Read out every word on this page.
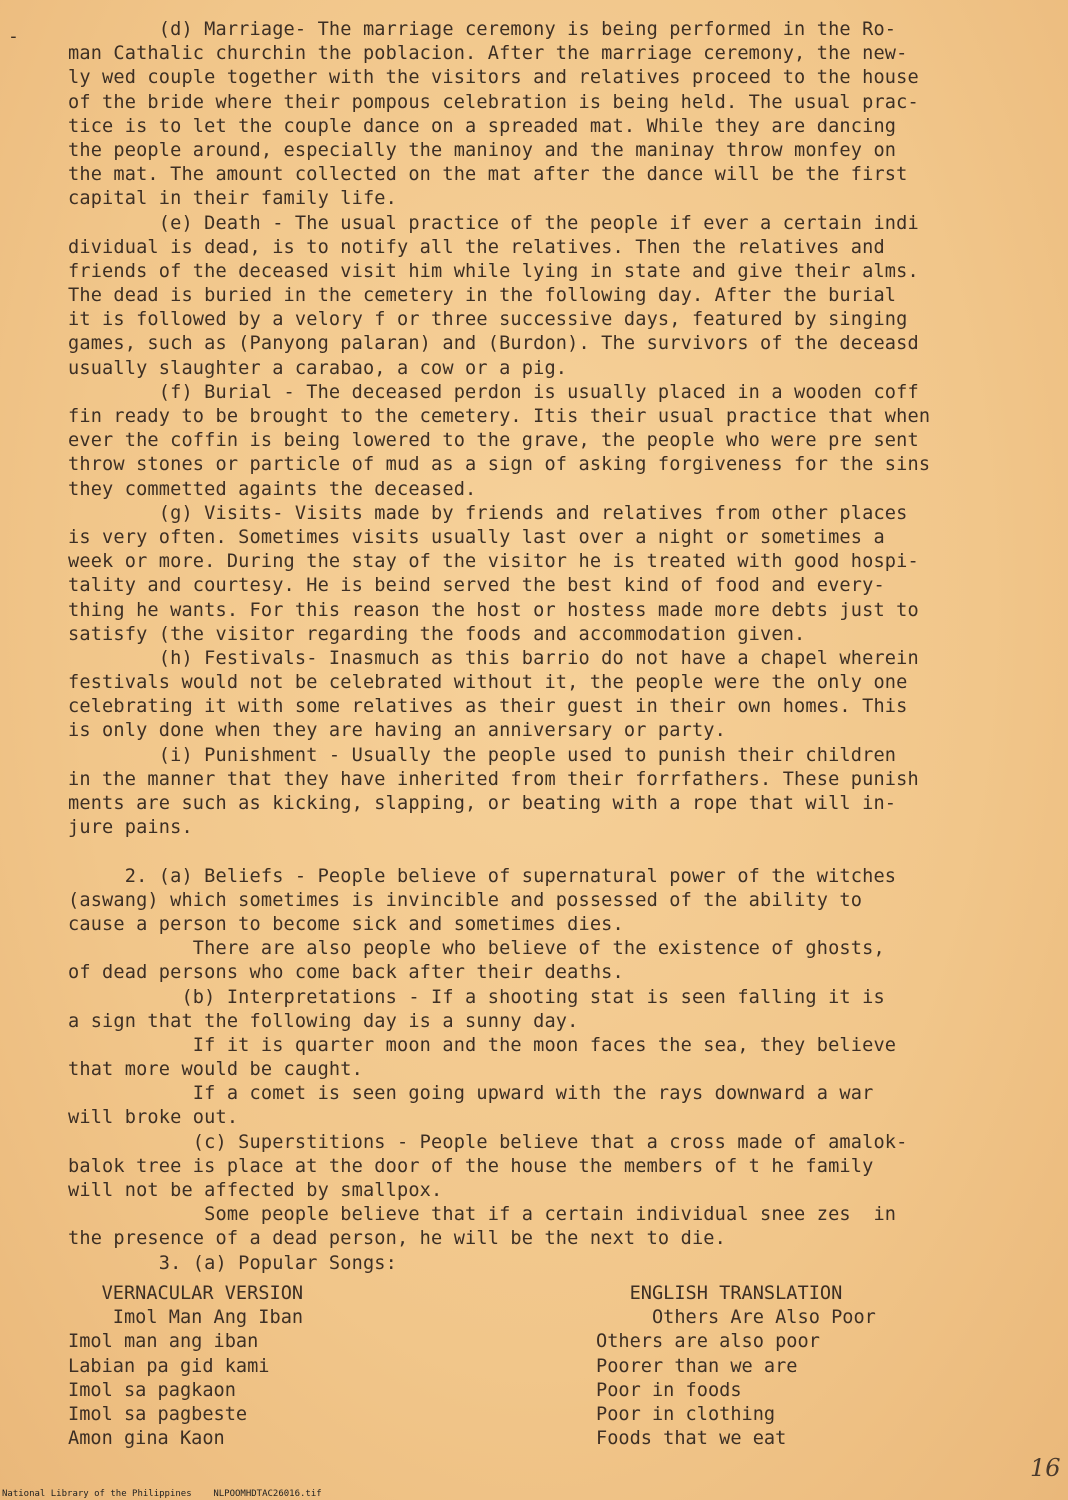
-	(d) Marriage- The marriage ceremony is being performed in the Ro-
man Cathalic churchin the poblacion. After the marriage ceremony, the new-
ly wed couple together with the visitors and relatives proceed to the house
of the bride where their pompous celebration is being held. The usual prac-
tice is to let the couple dance on a spreaded mat. While they are dancing
the people around, especially the maninoy and the maninay throw monfey on
the mat. The amount collected on the mat after the dance will be the first
capital in their family life.
(e) Death - The usual practice of the people if ever a certain indi
dividual is dead, is to notify all the relatives. Then the relatives and
friends of the deceased visit him while lying in state and give their alms.
The dead is buried in the cemetery in the following day. After the burial
it is followed by a velory f or three successive days, featured by singing
games, such as (Panyong palaran) and (Burdon). The survivors of the deceasd
usually slaughter a carabao, a cow or a pig.
(f) Burial - The deceased perdon is usually placed in a wooden coff
fin ready to be brought to the cemetery. Itis their usual practice that when
ever the coffin is being lowered to the grave, the people who were pre sent
throw stones or particle of mud as a sign of asking forgiveness for the sins
they commetted againts the deceased.
(g) Visits- Visits made by friends and relatives from other places
is very often. Sometimes visits usually last over a night or sometimes a
week or more. During the stay of the visitor he is treated with good hospi-
tality and courtesy. He is beind served the best kind of food and every-
thing he wants. For this reason the host or hostess made more debts just to
satisfy (the visitor regarding the foods and accommodation given.
(h) Festivals- Inasmuch as this barrio do not have a chapel wherein
festivals would not be celebrated without it, the people were the only one
celebrating it with some relatives as their guest in their own homes. This
is only done when they are having an anniversary or party.
(i) Punishment - Usually the people used to punish their children
in the manner that they have inherited from their forrfathers. These punish
ments are such as kicking, slapping, or beating with a rope that will in-
jure pains.
2. (a) Beliefs - People believe of supernatural power of the witches
(aswang) which sometimes is invincible and possessed of the ability to
cause a person to become sick and sometimes dies.
There are also people who believe of the existence of ghosts,
of dead persons who come back after their deaths.
(b) Interpretations - If a shooting stat is seen falling it is
a sign that the following day is a sunny day.
If it is quarter moon and the moon faces the sea, they believe
that more would be caught.
If a comet is seen going upward with the rays downward a war
will broke out.
(c) Superstitions - People believe that a cross made of amalok-
balok tree is place at the door of the house the members of t he family
will not be affected by smallpox.
Some people believe that if a certain individual snee zes  in
the presence of a dead person, he will be the next to die.
3. (a) Popular Songs:
VERNACULAR VERSION
Imol Man Ang Iban
Imol man ang iban
Labian pa gid kami
Imol sa pagkaon
Imol sa pagbeste
Amon gina Kaon
ENGLISH TRANSLATION
Others Are Also Poor
Others are also poor
Poorer than we are
Poor in foods
Poor in clothing
Foods that we eat
16
National Library of the Philippines    NLPOOMHDTAC26016.tif
